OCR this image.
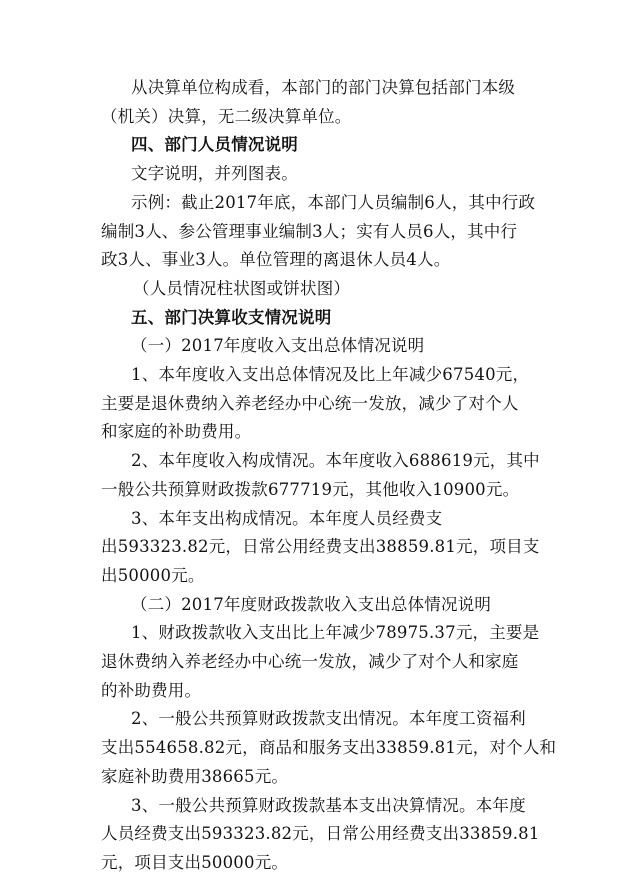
从决算单位构成看，本部门的部门决算包括部门本级
（机关）决算，无二级决算单位。
四、部门人员情况说明
文字说明，并列图表。
示例：截止2017年底，本部门人员编制6人，其中行政
编制3人、参公管理事业编制3人；实有人员6人，其中行
政3人、事业3人。单位管理的离退休人员4人。
（人员情况柱状图或饼状图）
五、部门决算收支情况说明
（一）2017年度收入支出总体情况说明
1、本年度收入支出总体情况及比上年减少67540元，
主要是退休费纳入养老经办中心统一发放，减少了对个人
和家庭的补助费用。
2、本年度收入构成情况。本年度收入688619元，其中
一般公共预算财政拨款677719元，其他收入10900元。
3、本年支出构成情况。本年度人员经费支
出593323.82元，日常公用经费支出38859.81元，项目支
出50000元。
（二）2017年度财政拨款收入支出总体情况说明
1、财政拨款收入支出比上年减少78975.37元，主要是
退休费纳入养老经办中心统一发放，减少了对个人和家庭
的补助费用。
2、一般公共预算财政拨款支出情况。本年度工资福利
支出554658.82元，商品和服务支出33859.81元，对个人和
家庭补助费用38665元。
3、一般公共预算财政拨款基本支出决算情况。本年度
人员经费支出593323.82元，日常公用经费支出33859.81
元，项目支出50000元。
